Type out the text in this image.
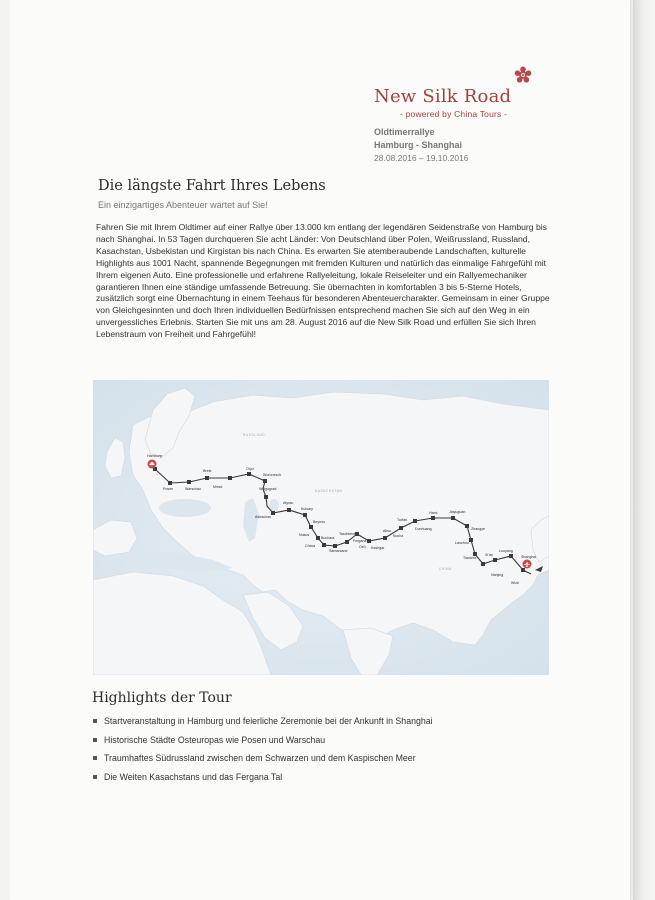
New Silk Road
- powered by China Tours -
Oldtimerrallye
Hamburg - Shanghai
28.08.2016 – 19.10.2016
Die längste Fahrt Ihres Lebens
Ein einzigartiges Abenteuer wartet auf Sie!

Fahren Sie mit Ihrem Oldtimer auf einer Rallye über 13.000 km entlang der legendären Seidenstraße von Hamburg bis nach Shanghai. In 53 Tagen durchqueren Sie acht Länder: Von Deutschland über Polen, Weißrussland, Russland, Kasachstan, Usbekistan und Kirgistan bis nach China. Es erwarten Sie atemberaubende Landschaften, kulturelle Highlights aus 1001 Nacht, spannende Begegnungen mit fremden Kulturen und natürlich das einmalige Fahrgefühl mit Ihrem eigenen Auto. Eine professionelle und erfahrene Rallyeleitung, lokale Reiseleiter und ein Rallyemechaniker garantieren Ihnen eine ständige umfassende Betreuung. Sie übernachten in komfortablen 3 bis 5-Sterne Hotels, zusätzlich sorgt eine Übernachtung in einem Teehaus für besonderen Abenteuercharakter. Gemeinsam in einer Gruppe von Gleichgesinnten und doch Ihren individuellen Bedürfnissen entsprechend machen Sie sich auf den Weg in ein unvergessliches Erlebnis. Starten Sie mit uns am 28. August 2016 auf die New Silk Road und erfüllen Sie sich Ihren Lebenstraum von Freiheit und Fahrgefühl!

RUSSLAND
KASACHSTAN
CHINA
Hamburg
Posen
Brest
Warschau	Minsk
Orjol
Woronesch
Wolgograd
Astrachan
Atyrau
Kulsary
Beyneu
Nukus
Chiwa
Buchara
Samarkand
Taschkent
Fergana
Osh Kashgar
Aksu
Kucha
Turfan
Dunhuang
Hami	Jiayuguan
Zhangye
Lanzhou
Tianshui
Xi'an
Luoyang
Nanjing
Wuxi
Shanghai
Highlights der Tour
Startveranstaltung in Hamburg und feierliche Zeremonie bei der Ankunft in Shanghai
Historische Städte Osteuropas wie Posen und Warschau
Traumhaftes Südrussland zwischen dem Schwarzen und dem Kaspischen Meer
Die Weiten Kasachstans und das Fergana Tal
